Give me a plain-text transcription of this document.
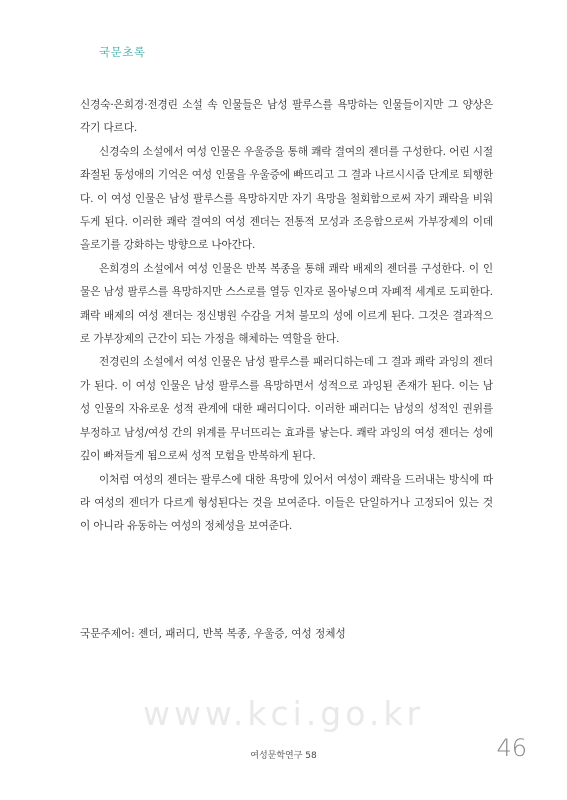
국문초록

신경숙·은희경·전경린 소설 속 인물들은 남성 팔루스를 욕망하는 인물들이지만 그 양상은 각기 다르다.

신경숙의 소설에서 여성 인물은 우울증을 통해 쾌락 결여의 젠더를 구성한다. 어린 시절 좌절된 동성애의 기억은 여성 인물을 우울증에 빠뜨리고 그 결과 나르시시즘 단계로 퇴행한다. 이 여성 인물은 남성 팔루스를 욕망하지만 자기 욕망을 철회함으로써 자기 쾌락을 비워두게 된다. 이러한 쾌락 결여의 여성 젠더는 전통적 모성과 조응함으로써 가부장제의 이데올로기를 강화하는 방향으로 나아간다.

은희경의 소설에서 여성 인물은 반복 복종을 통해 쾌락 배제의 젠더를 구성한다. 이 인물은 남성 팔루스를 욕망하지만 스스로를 열등 인자로 몰아넣으며 자폐적 세계로 도피한다. 쾌락 배제의 여성 젠더는 정신병원 수감을 거쳐 불모의 성에 이르게 된다. 그것은 결과적으로 가부장제의 근간이 되는 가정을 해체하는 역할을 한다.

전경린의 소설에서 여성 인물은 남성 팔루스를 패러디하는데 그 결과 쾌락 과잉의 젠더가 된다. 이 여성 인물은 남성 팔루스를 욕망하면서 성적으로 과잉된 존재가 된다. 이는 남성 인물의 자유로운 성적 관계에 대한 패러디이다. 이러한 패러디는 남성의 성적인 권위를 부정하고 남성/여성 간의 위계를 무너뜨리는 효과를 낳는다. 쾌락 과잉의 여성 젠더는 성에 깊이 빠져들게 됨으로써 성적 모험을 반복하게 된다.

이처럼 여성의 젠더는 팔루스에 대한 욕망에 있어서 여성이 쾌락을 드러내는 방식에 따라 여성의 젠더가 다르게 형성된다는 것을 보여준다. 이들은 단일하거나 고정되어 있는 것이 아니라 유동하는 여성의 정체성을 보여준다.

국문주제어: 젠더, 패러디, 반복 복종, 우울증, 여성 정체성
www.kci.go.kr
여성문학연구 58	46
